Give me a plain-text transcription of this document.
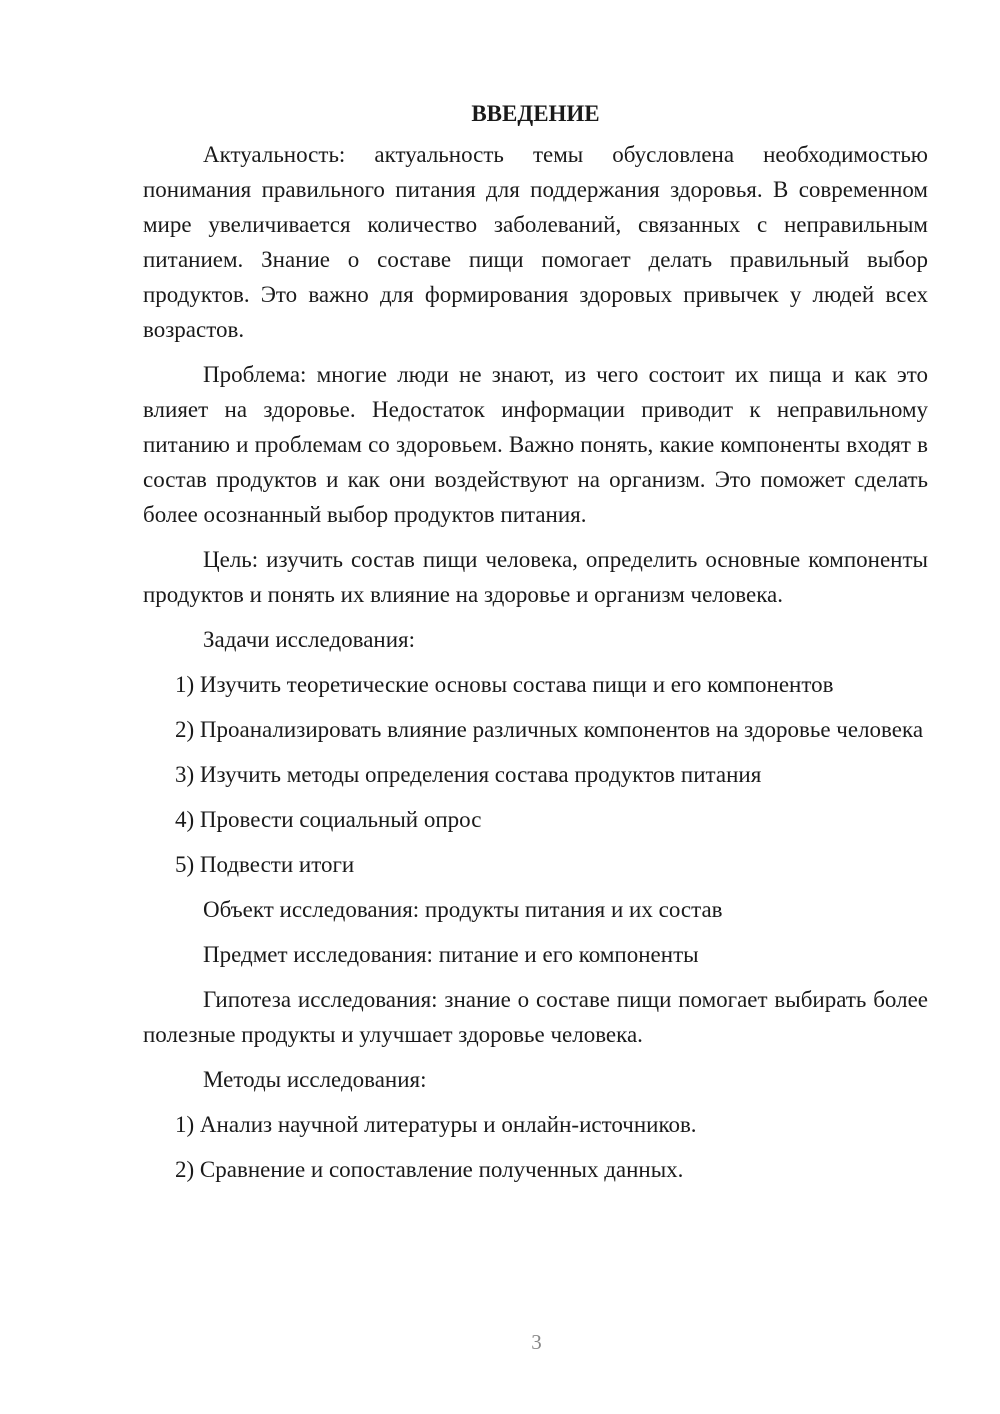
ВВЕДЕНИЕ

Актуальность: актуальность темы обусловлена необходимостью понимания правильного питания для поддержания здоровья. В современном мире увеличивается количество заболеваний, связанных с неправильным питанием. Знание о составе пищи помогает делать правильный выбор продуктов. Это важно для формирования здоровых привычек у людей всех возрастов.

Проблема: многие люди не знают, из чего состоит их пища и как это влияет на здоровье. Недостаток информации приводит к неправильному питанию и проблемам со здоровьем. Важно понять, какие компоненты входят в состав продуктов и как они воздействуют на организм. Это поможет сделать более осознанный выбор продуктов питания.

Цель: изучить состав пищи человека, определить основные компоненты продуктов и понять их влияние на здоровье и организм человека.

Задачи исследования:

1) Изучить теоретические основы состава пищи и его компонентов

2) Проанализировать влияние различных компонентов на здоровье человека

3) Изучить методы определения состава продуктов питания

4) Провести социальный опрос

5) Подвести итоги

Объект исследования: продукты питания и их состав

Предмет исследования: питание и его компоненты

Гипотеза исследования: знание о составе пищи помогает выбирать более полезные продукты и улучшает здоровье человека.

Методы исследования:

1) Анализ научной литературы и онлайн-источников.

2) Сравнение и сопоставление полученных данных.

3
